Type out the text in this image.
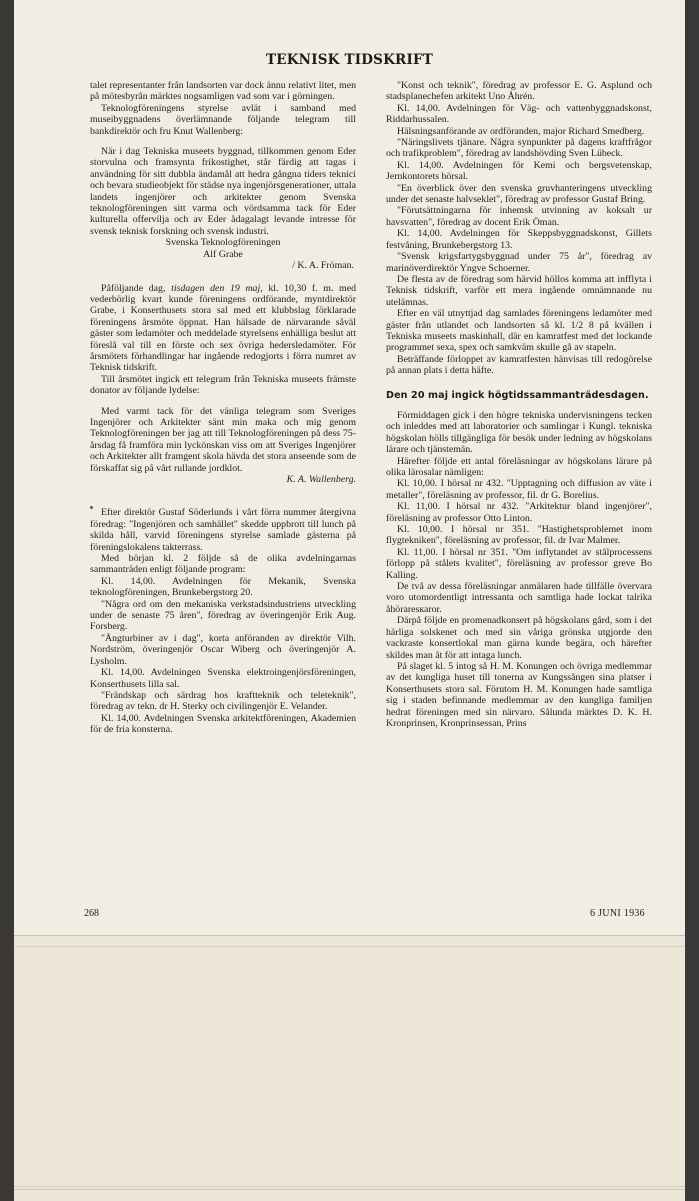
TEKNISK TIDSKRIFT

talet representanter från landsorten var dock ännu relativt litet, men på mötesbyrån märktes nogsamligen vad som var i görningen.

Teknologföreningens styrelse avlät i samband med museibyggnadens överlämnande följande telegram till bankdirektör och fru Knut Wallenberg:

När i dag Tekniska museets byggnad, tillkommen genom Eder storvulna och framsynta frikostighet, står färdig att tagas i användning för sitt dubbla ändamål att hedra gångna tiders teknici och bevara studieobjekt för städse nya ingenjörsgenerationer, uttala landets ingenjörer och arkitekter genom Svenska teknologföreningen sitt varma och vördsamma tack för Eder kulturella offervilja och av Eder ådagalagt levande intresse för svensk teknisk forskning och svensk industri.

Svenska Teknologföreningen

Alf Grabe

/ K. A. Fröman.

Påföljande dag, tisdagen den 19 maj, kl. 10,30 f. m. med vederbörlig kvart kunde föreningens ordförande, myntdirektör Grabe, i Konserthusets stora sal med ett klubbslag förklarade föreningens årsmöte öppnat. Han hälsade de närvarande såväl gäster som ledamöter och meddelade styrelsens enhälliga beslut att föreslå val till en förste och sex övriga hedersledamöter. För årsmötets förhandlingar har ingående redogjorts i förra numret av Teknisk tidskrift.

Till årsmötet ingick ett telegram från Tekniska museets främste donator av följande lydelse:

Med varmt tack för det vänliga telegram som Sveriges Ingenjörer och Arkitekter sänt min maka och mig genom Teknologföreningen ber jag att till Teknologföreningen på dess 75-årsdag få framföra min lyckönskan viss om att Sveriges Ingenjörer och Arkitekter allt framgent skola hävda det stora anseende som de förskaffat sig på vårt rullande jordklot.

K. A. Wallenberg.

Efter direktör Gustaf Söderlunds i vårt förra nummer återgivna föredrag: "Ingenjören och samhället" skedde uppbrott till lunch på skilda håll, varvid föreningens styrelse samlade gästerna på föreningslokalens takterrass.

Med början kl. 2 följde så de olika avdelningarnas sammanträden enligt följande program:

Kl. 14,00. Avdelningen för Mekanik, Svenska teknologföreningen, Brunkebergstorg 20.

"Några ord om den mekaniska verkstadsindustriens utveckling under de senaste 75 åren", föredrag av överingenjör Erik Aug. Forsberg.

"Ångturbiner av i dag", korta anföranden av direktör Vilh. Nordström, överingenjör Oscar Wiberg och överingenjör A. Lysholm.

Kl. 14,00. Avdelningen Svenska elektroingenjörsföreningen, Konserthusets lilla sal.

"Frändskap och särdrag hos kraftteknik och teleteknik", föredrag av tekn. dr H. Sterky och civilingenjör E. Velander.

Kl. 14,00. Avdelningen Svenska arkitektföreningen, Akademien för de fria konsterna.

"Konst och teknik", föredrag av professor E. G. Asplund och stadsplanechefen arkitekt Uno Åhrén.

Kl. 14,00. Avdelningen för Väg- och vattenbyggnadskonst, Riddarhussalen.

Hälsningsanförande av ordföranden, major Richard Smedberg.

"Näringslivets tjänare. Några synpunkter på dagens kraftfrågor och trafikproblem", föredrag av landshövding Sven Lübeck.

Kl. 14,00. Avdelningen för Kemi och bergsvetenskap, Jernkontorets hörsal.

"En överblick över den svenska gruvhanteringens utveckling under det senaste halvseklet", föredrag av professor Gustaf Bring.

"Förutsättningarna för inhemsk utvinning av koksalt ur havsvatten", föredrag av docent Erik Öman.

Kl. 14,00. Avdelningen för Skeppsbyggnadskonst, Gillets festvåning, Brunkebergstorg 13.

"Svensk krigsfartygsbyggnad under 75 år", föredrag av marinöverdirektör Yngve Schoerner.

De flesta av de föredrag som härvid höllos komma att infflyta i Teknisk tidskrift, varför ett mera ingående omnämnande nu utelämnas.

Efter en väl utnyttjad dag samlades föreningens ledamöter med gäster från utlandet och landsorten så kl. 1/2 8 på kvällen i Tekniska museets maskinhall, där en kamratfest med det lockande programmet sexa, spex och samkväm skulle gå av stapeln.

Beträffande förloppet av kamratfesten hänvisas till redogörelse på annan plats i detta häfte.

Den 20 maj ingick högtidssammanträdesdagen.

Förmiddagen gick i den högre tekniska undervisningens tecken och inleddes med att laboratorier och samlingar i Kungl. tekniska högskolan hölls tillgängliga för besök under ledning av högskolans lärare och tjänstemän.

Härefter följde ett antal föreläsningar av högskolans lärare på olika lärosalar nämligen:

Kl. 10,00. I hörsal nr 432. "Upptagning och diffusion av väte i metaller", föreläsning av professor, fil. dr G. Borelius.

Kl. 11,00. I hörsal nr 432. "Arkitektur bland ingenjörer", föreläsning av professor Otto Linton.

Kl. 10,00. I hörsal nr 351. "Hastighetsproblemet inom flygtekniken", föreläsning av professor, fil. dr Ivar Malmer.

Kl. 11,00. I hörsal nr 351. "Om inflytandet av stålprocessens förlopp på stålets kvalitet", föreläsning av professor greve Bo Kalling.

De två av dessa föreläsningar anmälaren hade tillfälle övervara voro utomordentligt intressanta och samtliga hade lockat talrika åhöraresкаror.

Därpå följde en promenadkonsert på högskolans gård, som i det härliga solskenet och med sin våriga grönska utgjorde den vackraste konsertlokal man gärna kunde begära, och härefter skildes man åt för att intaga lunch.

På slaget kl. 5 intog så H. M. Konungen och övriga medlemmar av det kungliga huset till tonerna av Kungssången sina platser i Konserthusets stora sal. Förutom H. M. Konungen hade samtliga sig i staden befinnande medlemmar av den kungliga familjen hedrat föreningen med sin närvaro. Sålunda märktes D. K. H. Kronprinsen, Kronprinsessan, Prins

268	6 JUNI 1936
